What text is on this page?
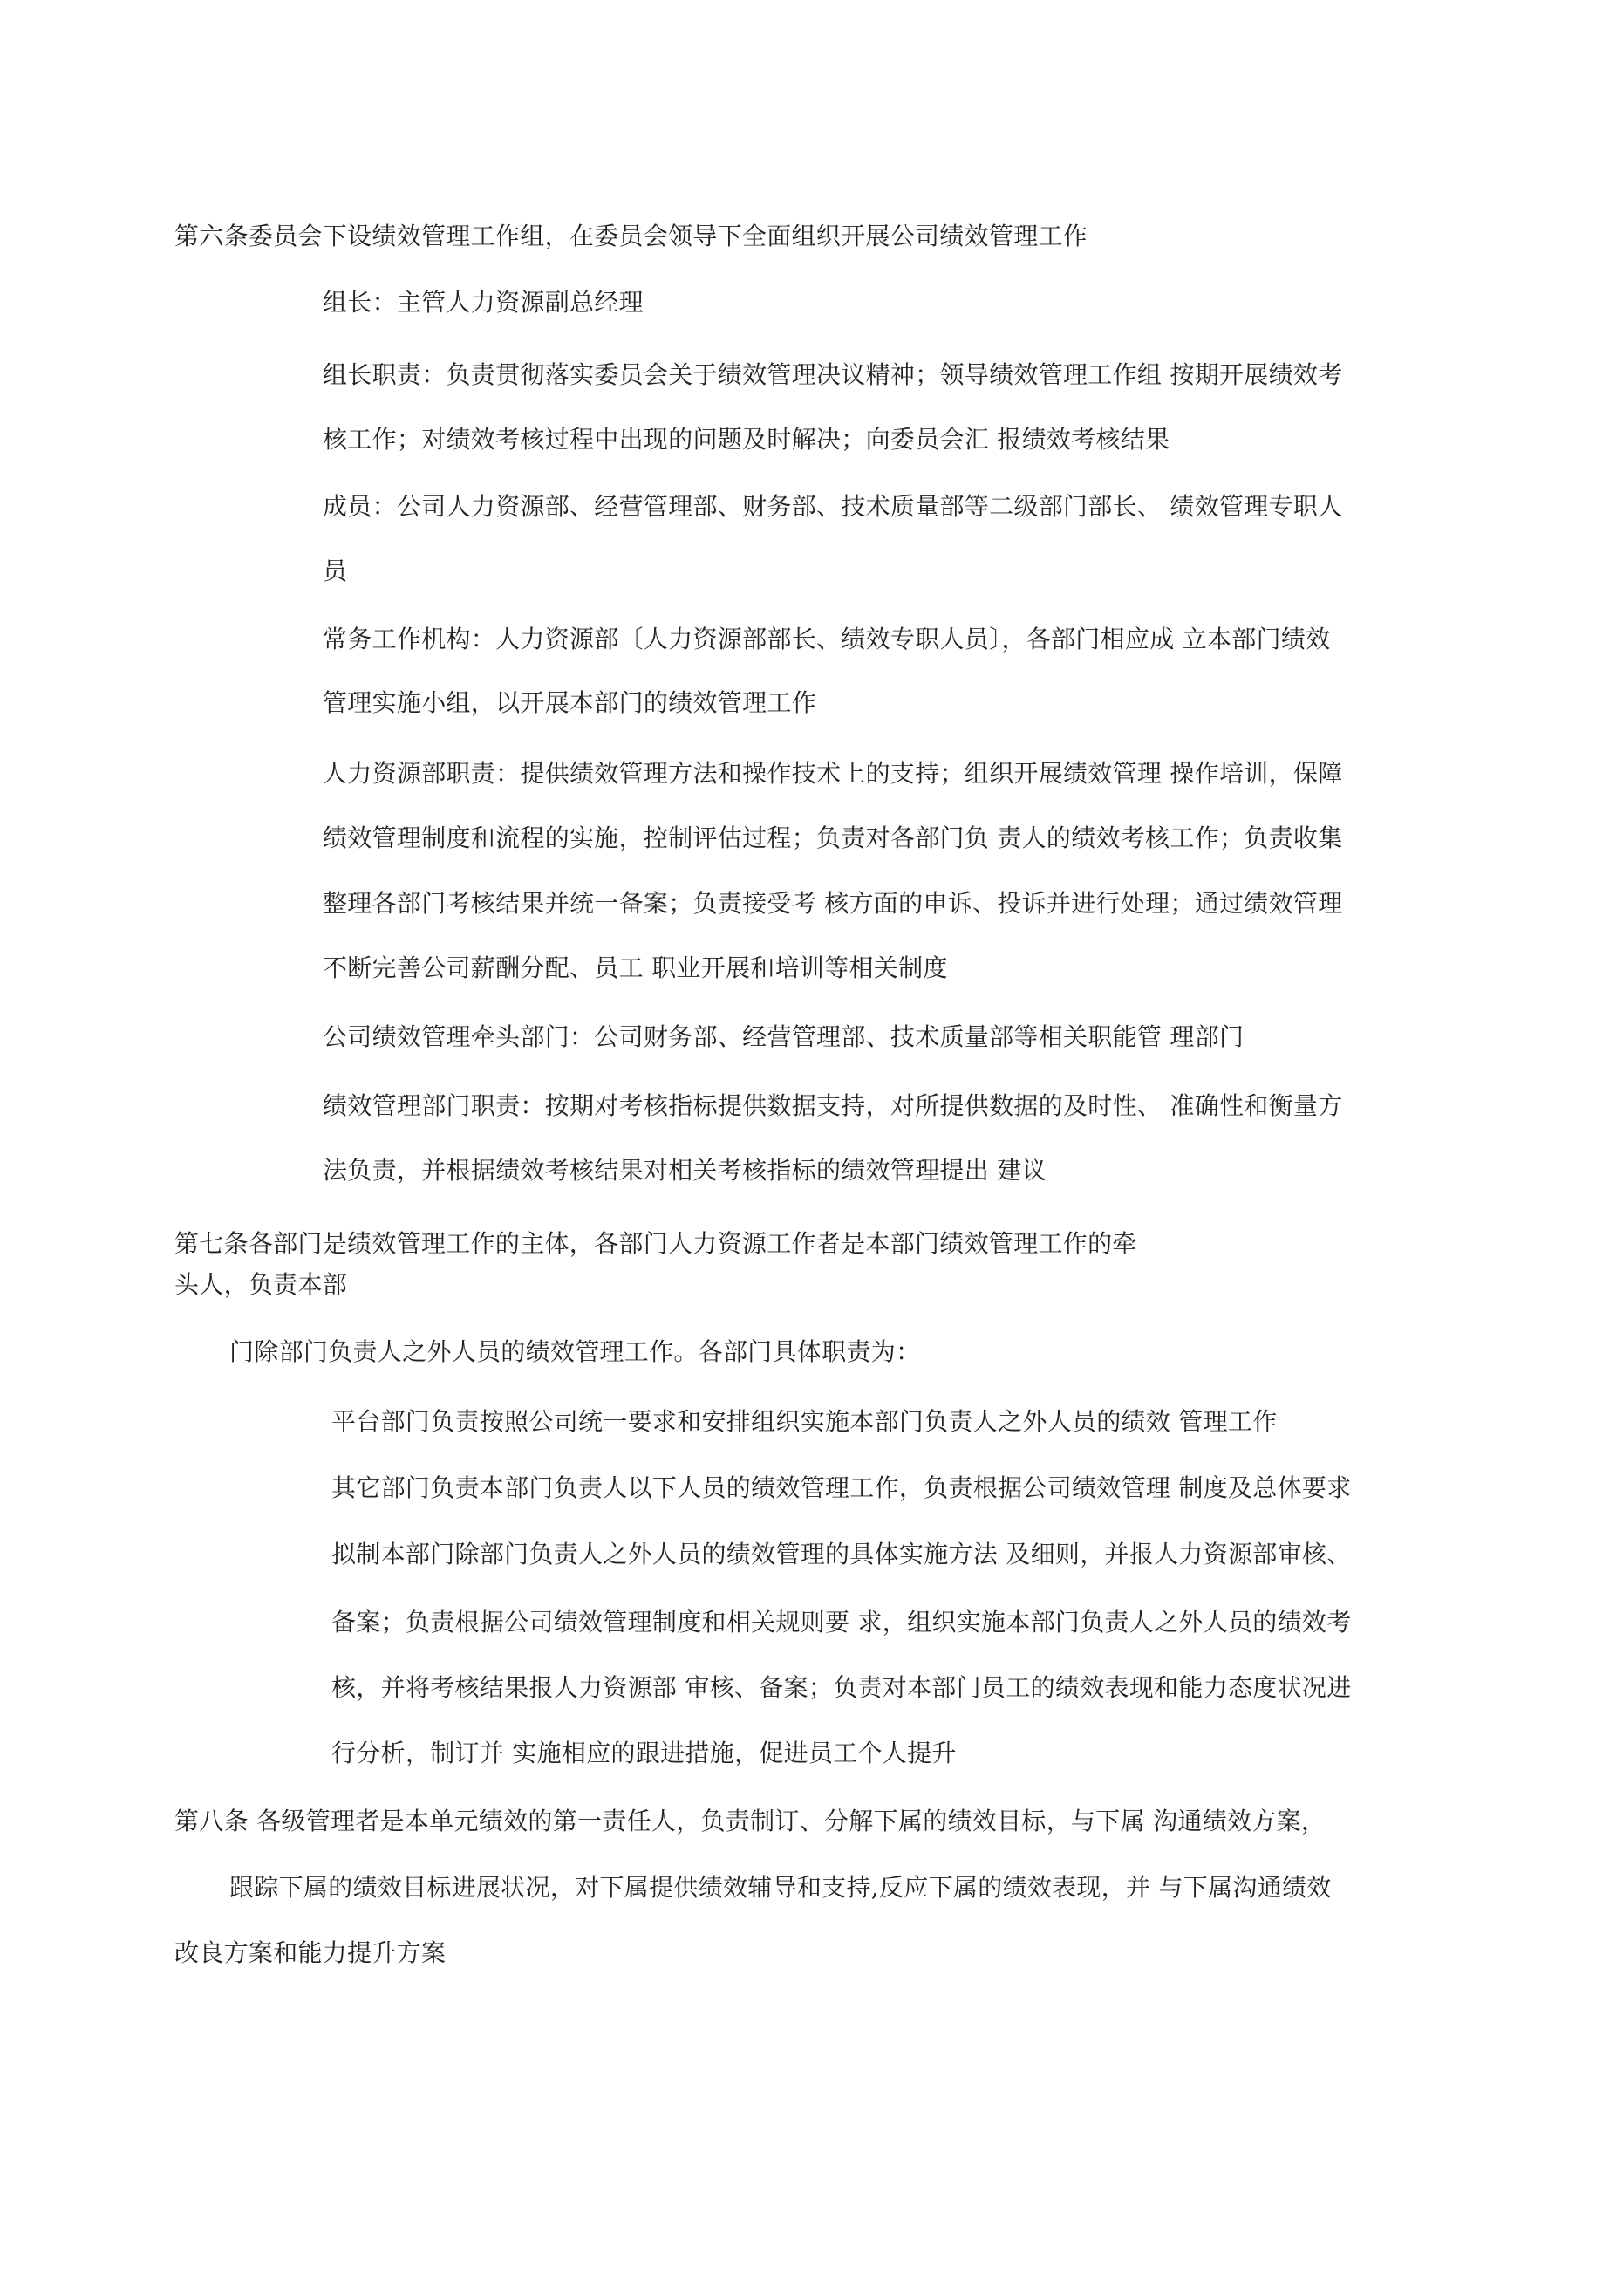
第六条委员会下设绩效管理工作组，在委员会领导下全面组织开展公司绩效管理工作
组长：主管人力资源副总经理
组长职责：负责贯彻落实委员会关于绩效管理决议精神；领导绩效管理工作组 按期开展绩效考
核工作；对绩效考核过程中出现的问题及时解决；向委员会汇 报绩效考核结果
成员：公司人力资源部、经营管理部、财务部、技术质量部等二级部门部长、 绩效管理专职人
员
常务工作机构：人力资源部〔人力资源部部长、绩效专职人员〕，各部门相应成 立本部门绩效
管理实施小组，以开展本部门的绩效管理工作
人力资源部职责：提供绩效管理方法和操作技术上的支持；组织开展绩效管理 操作培训，保障
绩效管理制度和流程的实施，控制评估过程；负责对各部门负 责人的绩效考核工作；负责收集
整理各部门考核结果并统一备案；负责接受考 核方面的申诉、投诉并进行处理；通过绩效管理
不断完善公司薪酬分配、员工 职业开展和培训等相关制度
公司绩效管理牵头部门：公司财务部、经营管理部、技术质量部等相关职能管 理部门
绩效管理部门职责：按期对考核指标提供数据支持，对所提供数据的及时性、 准确性和衡量方
法负责，并根据绩效考核结果对相关考核指标的绩效管理提出 建议
第七条各部门是绩效管理工作的主体，各部门人力资源工作者是本部门绩效管理工作的牵
头人，负责本部
门除部门负责人之外人员的绩效管理工作。各部门具体职责为：
平台部门负责按照公司统一要求和安排组织实施本部门负责人之外人员的绩效 管理工作
其它部门负责本部门负责人以下人员的绩效管理工作，负责根据公司绩效管理 制度及总体要求
拟制本部门除部门负责人之外人员的绩效管理的具体实施方法 及细则，并报人力资源部审核、
备案；负责根据公司绩效管理制度和相关规则要 求，组织实施本部门负责人之外人员的绩效考
核，并将考核结果报人力资源部 审核、备案；负责对本部门员工的绩效表现和能力态度状况进
行分析，制订并 实施相应的跟进措施，促进员工个人提升
第八条 各级管理者是本单元绩效的第一责任人，负责制订、分解下属的绩效目标，与下属 沟通绩效方案，
跟踪下属的绩效目标进展状况，对下属提供绩效辅导和支持,反应下属的绩效表现，并 与下属沟通绩效
改良方案和能力提升方案
